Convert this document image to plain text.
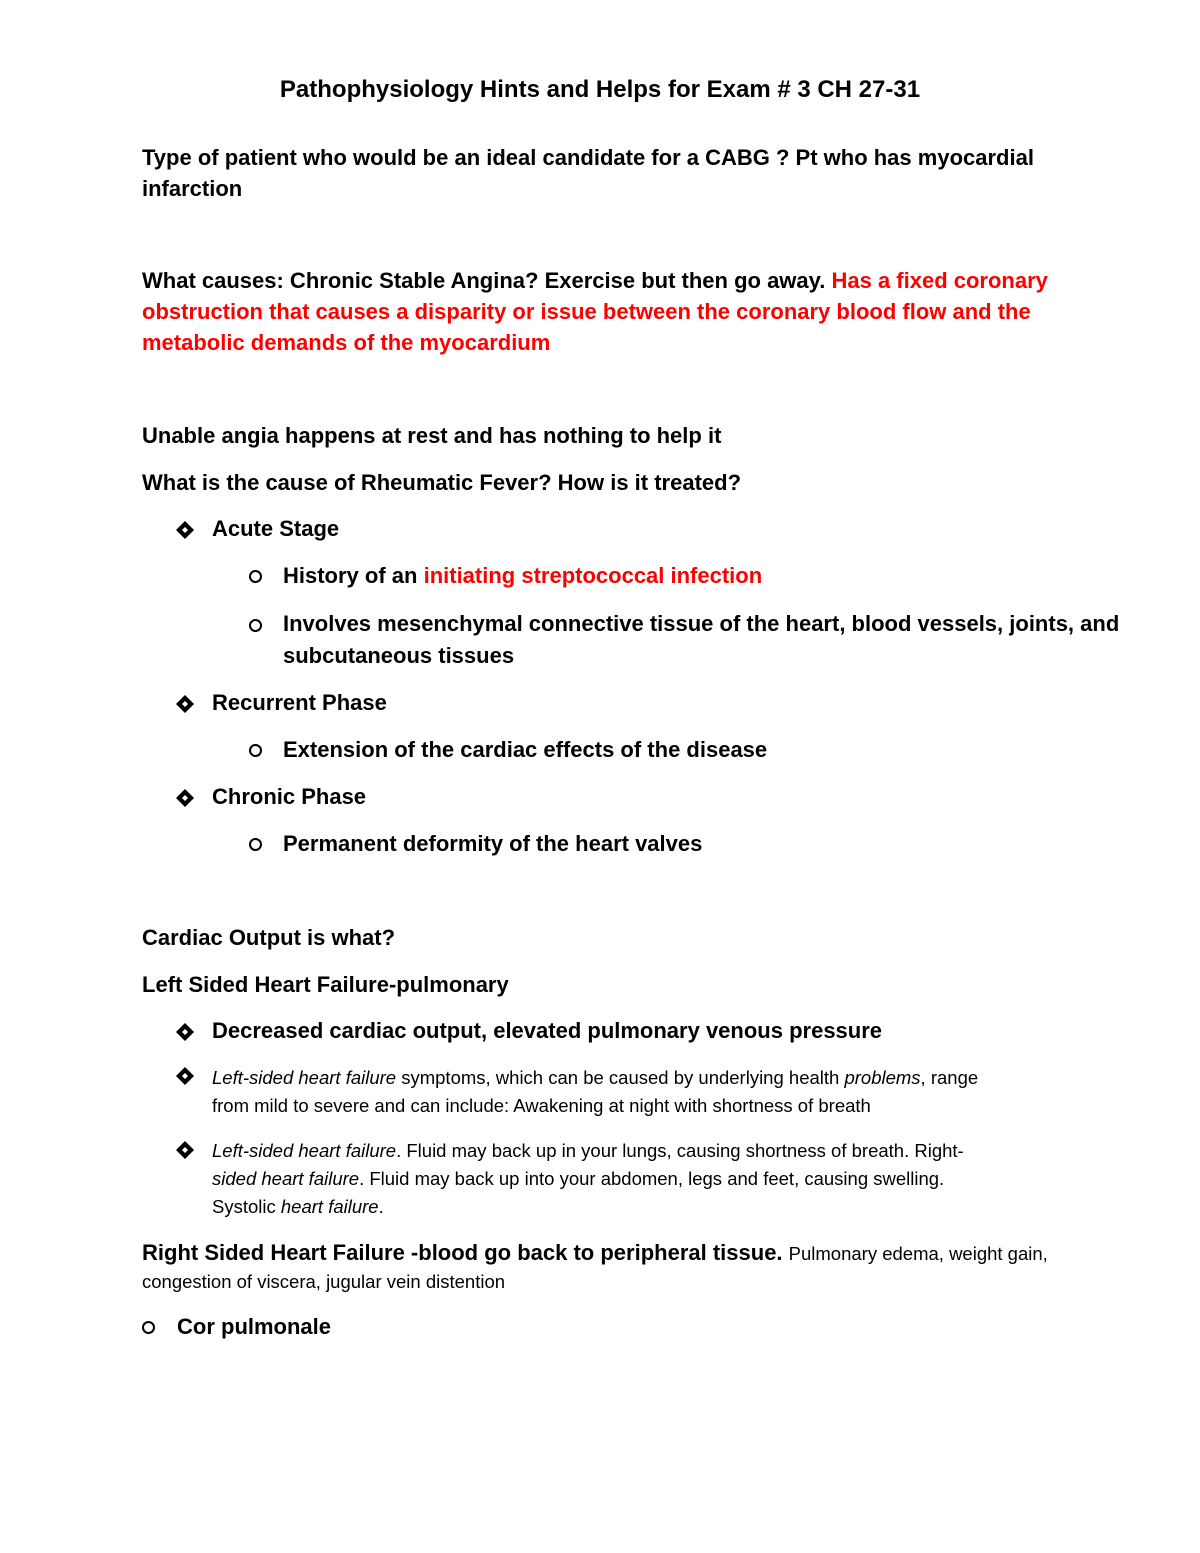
Pathophysiology Hints and Helps for Exam # 3 CH 27-31
Type of patient who would be an ideal candidate for a CABG ? Pt who has myocardial
infarction
What causes: Chronic Stable Angina? Exercise but then go away. Has a fixed coronary
obstruction that causes a disparity or issue between the coronary blood flow and the
metabolic demands of the myocardium
Unable angia happens at rest and has nothing to help it
What is the cause of Rheumatic Fever? How is it treated?
Acute Stage
History of an initiating streptococcal infection
Involves mesenchymal connective tissue of the heart, blood vessels, joints, and
subcutaneous tissues
Recurrent Phase
Extension of the cardiac effects of the disease
Chronic Phase
Permanent deformity of the heart valves
Cardiac Output is what?
Left Sided Heart Failure-pulmonary
Decreased cardiac output, elevated pulmonary venous pressure
Left-sided heart failure symptoms, which can be caused by underlying health problems, range
from mild to severe and can include: Awakening at night with shortness of breath
Left-sided heart failure. Fluid may back up in your lungs, causing shortness of breath. Right-
sided heart failure. Fluid may back up into your abdomen, legs and feet, causing swelling.
Systolic heart failure.
Right Sided Heart Failure -blood go back to peripheral tissue. Pulmonary edema, weight gain,
congestion of viscera, jugular vein distention
Cor pulmonale
